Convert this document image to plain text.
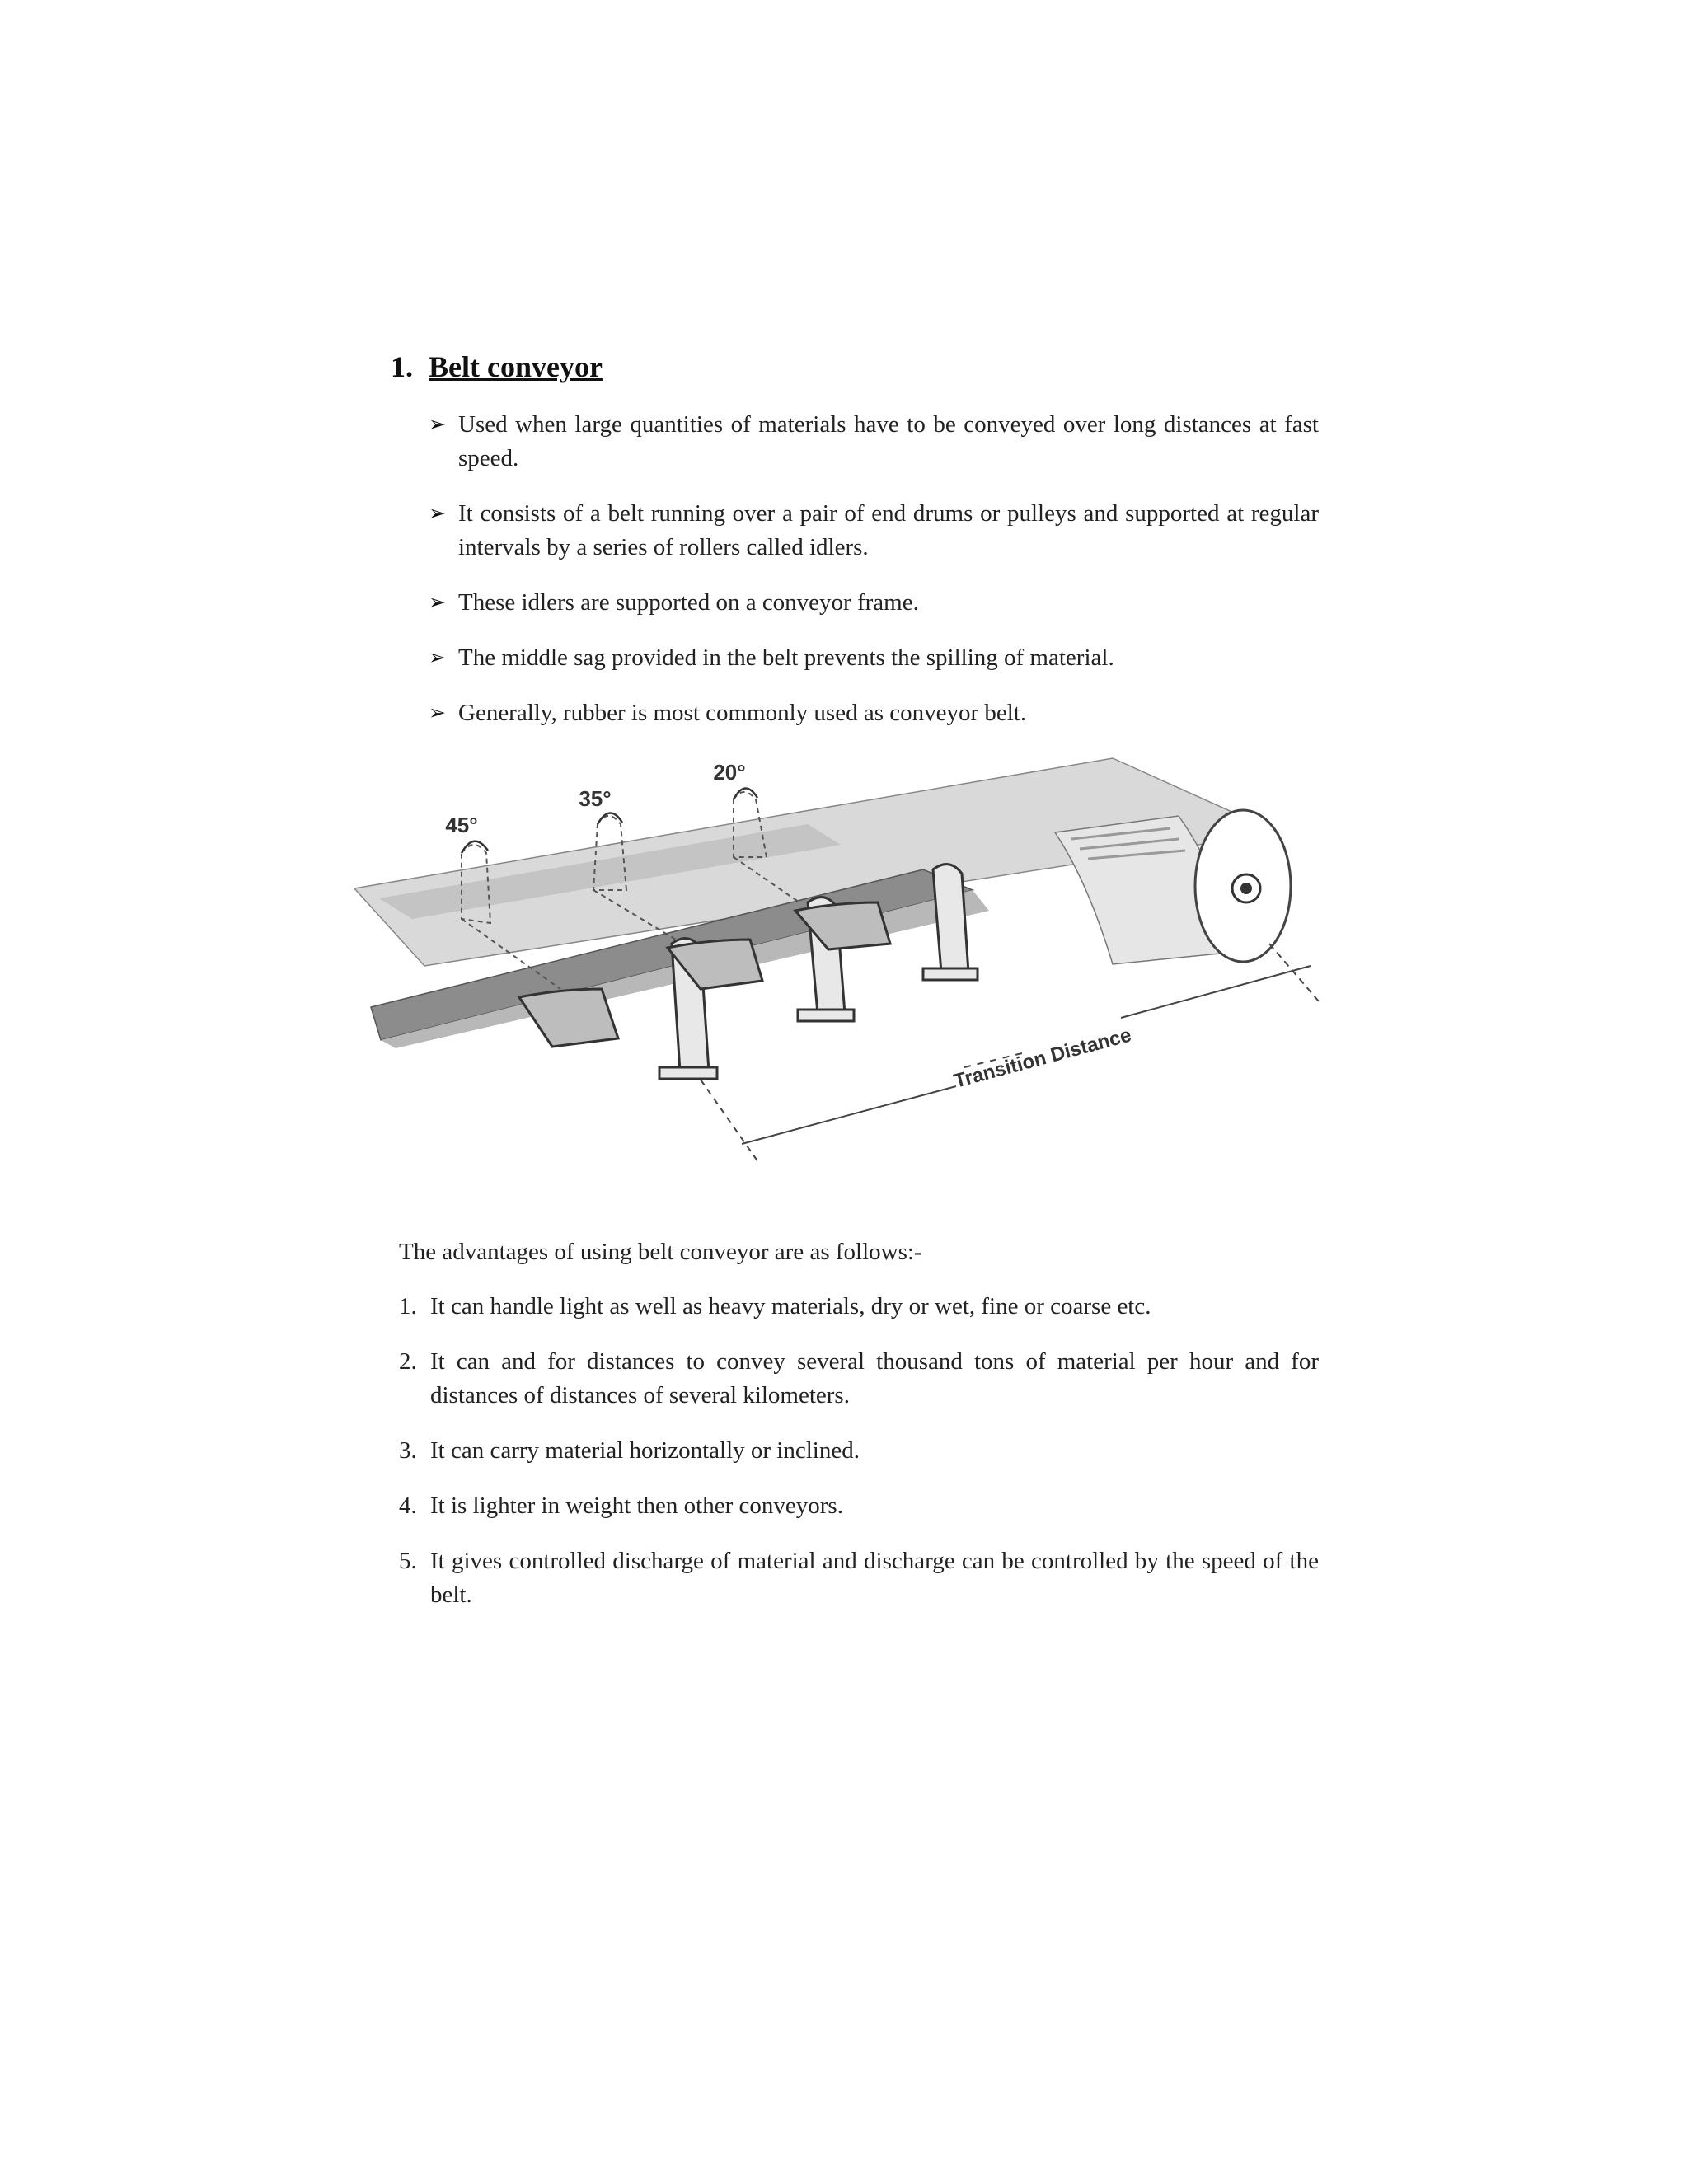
1. Belt conveyor
➢ Used when large quantities of materials have to be conveyed over long distances at fast speed.
➢ It consists of a belt running over a pair of end drums or pulleys and supported at regular intervals by a series of rollers called idlers.
➢ These idlers are supported on a conveyor frame.
➢ The middle sag provided in the belt prevents the spilling of material.
➢ Generally, rubber is most commonly used as conveyor belt.
45°
35°
20°
Transition Distance
The advantages of using belt conveyor are as follows:-
1. It can handle light as well as heavy materials, dry or wet, fine or coarse etc.
2. It can and for distances to convey several thousand tons of material per hour and for distances of distances of several kilometers.
3. It can carry material horizontally or inclined.
4. It is lighter in weight then other conveyors.
5. It gives controlled discharge of material and discharge can be controlled by the speed of the belt.
